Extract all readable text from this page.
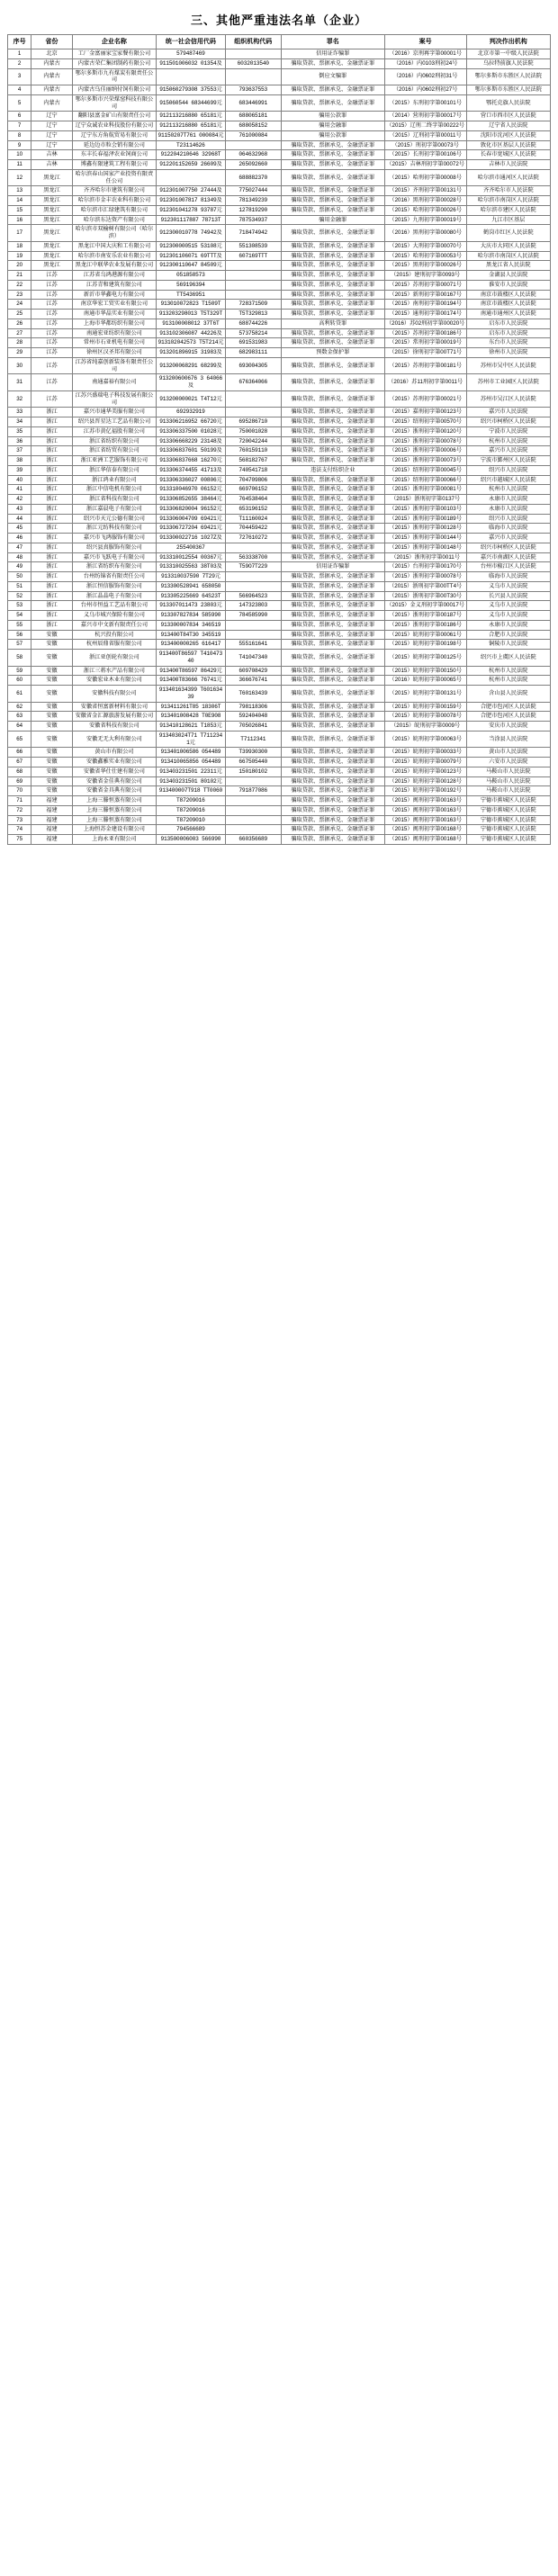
三、其他严重违法名单（企业）
序号	省份	企业名称	统一社会信用代码	组织机构代码	罪名	案号	判决作出机构
1	北京	工厂金富丽家宝家餐有限公司	579487469		信用证诈骗罪	（2016）京刑再字第00001号	北京市第一中级人民法院
2	内蒙古	内蒙古荣仁集团制药有限公司	911501006032 01354及	6032013540	骗取贷款、票据承兑、金融票证罪	（2016）内0103刑初24号	乌拉特前旗人民法院
3	内蒙古	鄂尔多斯市九有煤炭有限责任公司			倒应文骗罪	（2016）内0602刑初31号	鄂尔多斯市东胜区人民法院
4	内蒙古	内蒙古乌佳丽纳付饲有限公司	915060279308 37553元	793637553	骗取贷款、票据承兑、金融票证罪	（2016）内0602刑初27号	鄂尔多斯市东胜区人民法院
5	内蒙古	鄂尔多斯市兴荣煤窑科技有限公司	915060544 68344699元	683446991	骗取贷款、票据承兑、金融票证罪	（2015）东刑初字第00101号	鄂托克旗人民法院
6	辽宁	翻阳县富金矿山有限责任公司	912113216880 65181元	688065181	骗用公款罪	（2014）营刑初字第00017号	营口市西市区人民法院
7	辽宁	辽宁众诚农业科技股份有限公司	912113216880 65181元	688058152	骗用会融罪	（2015）辽刑二终字第00222号	辽宁省人民法院
8	辽宁	辽宁东方角航贸易有限公司	91150207T761 000084元	761000084	骗用公款罪	（2015）辽刑初字第00011号	沈阳市沈河区人民法院
9	辽宁	延边边市粒会销有限公司	T23114626		骗取贷款、票据承兑、金融票证罪	（2015）刑初字第00073号	敦化市区基层人民法院
10	吉林	东丰长春福泽农业饲商公司	912204210646 32968T	064632968	骗取贷款、票据承兑、金融票证罪	（2015）长刑初字第00106号	长春市宽城区人民法院
11	吉林	博鑫有限建筑工程有限公司	912201152659 26609及	265092660	骗取贷款、票据承兑、金融票证罪	（2015）吉林刑初字第00072号	吉林市人民法院
12	黑龙江	哈尔滨春山国家产业投资有限责任公司		688882370	骗取贷款、票据承兑、金融票证罪	（2015）哈刑初字第00008号	哈尔滨市通河区人民法院
13	黑龙江	齐齐哈尔市建筑有限公司	912301007750 27444及	775027444	骗取贷款、票据承兑、金融票证罪	（2015）齐刑初字第00131号	齐齐哈尔市人民法院
14	黑龙江	哈尔滨市金丰农业科有限公司	912301007817 81349及	781349239	骗取贷款、票据承兑、金融票证罪	（2016）黑刑初字第00028号	哈尔滨市南岗区人民法院
15	黑龙江	哈尔滨市汇绿建筑有限公司	912301041278 93787元	127819290	骗取贷款、票据承兑、金融票证罪	（2015）哈刑初字第00026号	哈尔滨市建区人民法院
16	黑龙江	哈尔滨东达资产有限公司	912301117887 78713T	787534937	骗用金融罪	（2015）九刑初字第00019号	九江市区基层
17	黑龙江	哈尔滨市双榆树有限公司（哈尔滨）	912300010778 74942及	718474942	骗取贷款、票据承兑、金融票证罪	（2016）黑刑初字第00080号	鹤岗市红区人民法院
18	黑龙江	黑龙江中国大庆和工有限公司	912300000515 53108元	551308539	骗取贷款、票据承兑、金融票证罪	（2015）大刑初字第00070号	大庆市大同区人民法院
19	黑龙江	哈尔滨市南安乐农业有限公司	912301106071 69TTT及	607169TTT	骗取贷款、票据承兑、金融票证罪	（2015）哈刑初字第00053号	哈尔滨市南岗区人民法院
20	黑龙江	黑龙江中联华农业发展有限公司	912300110647 84509元		骗取贷款、票据承兑、金融票证罪	（2015）黑刑初字第00026号	黑龙江省人民法院
21	江苏	江苏省乌鸿港源有限公司	051858573		骗取贷款、票据承兑、金融票证罪	（2015）建刑初字第0093号	金湖县人民法院
22	江苏	江苏青和建筑有限公司	569196394		骗取贷款、票据承兑、金融票证罪	（2015）苏刑初字第00071号	淮安市人民法院
23	江苏	新沂市华鑫电力有限公司	TT5436951		骗取贷款、票据承兑、金融票证罪	（2015）新刑初字第00167号	南京市鼓楼区人民法院
24	江苏	南京华宏工贸实业有限公司	913010072823 T1509T	728371509	骗取贷款、票据承兑、金融票证罪	（2015）南刑初字第00194号	南京市鼓楼区人民法院
25	江苏	南通市华晶实业有限公司	913203298013 T5T329T	T5T329813	骗取贷款、票据承兑、金融票证罪	（2015）通刑初字第00174号	南通市通州区人民法院
26	江苏	上海市华都纺织有限公司	913100008012 37T6T	688744226	高利转贷罪	（2016）苏02刑初字第00020号	启东市人民法院
27	江苏	南通宏亚纺织有限公司	913102306087 44226及	573758214	骗取贷款、票据承兑、金融票证罪	（2015）苏刑初字第00186号	启东市人民法院
28	江苏	常州市石亚机电有限公司	913102042573 T5T214元	691531983	骗取贷款、票据承兑、金融票证罪	（2015）常刑初字第00019号	东台市人民法院
29	江苏	徐州区汉圣邦有限公司	913201896915 31983及	682983111	预数金保护罪	（2015）徐刑初字第00T71号	徐州市人民法院
30	江苏	江苏省纯嘉创新装备有限责任公司	913200068291 68299及	693004305	骗取贷款、票据承兑、金融票证罪	（2015）苏刑初字第00181号	苏州市吴中区人民法院
31	江苏	南通嘉裕有限公司	913200600676 3 64066及	676364066	骗取贷款、票据承兑、金融票证罪	（2016）苏11刑初字第0011号	苏州市工业园区人民法院
32	江苏	江苏兴盛瑞电子科技发展有限公司	913200000021 T4T12元		骗取贷款、票据承兑、金融票证罪	（2015）苏刑初字第00021号	苏州市吴江区人民法院
33	浙江	嘉兴市通华美服有限公司	692932919		骗取贷款、票据承兑、金融票证罪	（2015）嘉刑初字第00123号	嘉兴市人民法院
34	浙江	绍兴县晋星达工艺品有限公司	913306216952 66720元	695286710	骗取贷款、票据承兑、金融票证罪	（2015）绍刑初字第00570号	绍兴市柯桥区人民法院
35	浙江	江苏市黄亿福股有限公司	913306337500 01028元	750001028	骗取贷款、票据承兑、金融票证罪	（2015）浙刑初字第00120号	宁波市人民法院
36	浙江	浙江省纺织有限公司	913306668229 23148及	720042244	骗取贷款、票据承兑、金融票证罪	（2015）浙刑初字第00078号	杭州市人民法院
37	浙江	浙江省纺贸有限公司	913306837601 50199及	760159110	骗取贷款、票据承兑、金融票证罪	（2015）浙刑初字第00006号	嘉兴市人民法院
38	浙江	浙江亚洲工艺服饰有限公司	913306837668 16270元	568182767	骗取贷款、票据承兑、金融票证罪	（2015）浙刑初字第00073号	宁波市鄞州区人民法院
39	浙江	浙江华信泰有限公司	913306374455 41713及	740541718	违法支付纺织企业	（2015）绍刑初字第00045号	绍兴市人民法院
40	浙江	浙江鸿业有限公司	913306336027 00806元	704709806	骗取贷款、票据承兑、金融票证罪	（2015）绍刑初字第00066号	绍兴市越城区人民法院
41	浙江	浙江中信电机有限公司	913310046970 06152元	669706152	骗取贷款、票据承兑、金融票证罪	（2015）浙刑初字第00081号	杭州市人民法院
42	浙江	浙江省科技有限公司	913306852655 38464元	764538464	骗取贷款、票据承兑、金融票证罪	（2015）浙刑初字第0137号	永康市人民法院
43	浙江	浙江嘉晨电子有限公司	913306820004 96152元	653196152	骗取贷款、票据承兑、金融票证罪	（2015）浙刑初字第00103号	永康市人民法院
44	浙江	绍兴市天元公德有限公司	913306004709 69421元	T11160024	骗取贷款、票据承兑、金融票证罪	（2015）浙刑初字第00189号	绍兴市人民法院
45	浙江	浙江元纺科技有限公司	913306727204 69421元	704459422	骗取贷款、票据承兑、金融票证罪	（2015）浙刑初字第00128号	临海市人民法院
46	浙江	嘉兴市飞鸿服饰有限公司	913300022716 1027Z及	727610272	骗取贷款、票据承兑、金融票证罪	（2015）浙刑初字第00144号	嘉兴市人民法院
47	浙江	绍兴县真服饰有限公司	255400367		骗取贷款、票据承兑、金融票证罪	（2015）浙刑初字第00148号	绍兴市柯桥区人民法院
48	浙江	嘉兴市飞跃电子有限公司	913310012554 00367元	563338700	骗取贷款、票据承兑、金融票证罪	（2015）浙刑初字第0011号	嘉兴市南湖区人民法院
49	浙江	浙江省纺织布有限公司	913310025563 38T03及	T59O7T229	信用证诈骗罪	（2015）台刑初字第00170号	台州市椒江区人民法院
50	浙江	台州纺锦省有限责任公司	913310037590 7T29元		骗取贷款、票据承兑、金融票证罪	（2015）浙刑初字第00078号	临海市人民法院
51	浙江	浙江恒信服饰有限公司	913300528941 658050		骗取贷款、票据承兑、金融票证罪	（2015）浙刑初字第00TT4号	义乌市人民法院
52	浙江	浙江晶晶电子有限公司	913305225669 64S23T	566964S23	骗取贷款、票据承兑、金融票证罪	（2015）浙刑初字第00T30号	长兴县人民法院
53	浙江	台州市恒益工艺品有限公司	913307011473 23803元	147323803	骗取贷款、票据承兑、金融票证罪	（2015）金义刑初字第00017号	义乌市人民法院
54	浙江	义乌市城兴保险有限公司	913307827834 585990	784585990	骗取贷款、票据承兑、金融票证罪	（2015）浙刑初字第00187号	义乌市人民法院
55	浙江	嘉兴市中文新有限责任公司	913300007834 346519		骗取贷款、票据承兑、金融票证罪	（2015）浙刑初字第00186号	永康市人民法院
56	安徽	杭兴投有限公司	913400T84T30 345519		骗取贷款、票据承兑、金融票证罪	（2015）皖刑初字第00061号	合肥市人民法院
57	安徽	杭州辰鼎省服有限公司	913400000265 616417	555161641	骗取贷款、票据承兑、金融票证罪	（2015）皖刑初字第00198号	铜陵市人民法院
58	安徽	浙江亚创轮有限公司	913400T86597 T41047340	T41047340	骗取贷款、票据承兑、金融票证罪	（2015）皖刑初字第00125号	绍兴市上虞区人民法院
59	安徽	浙江三蒋水产品有限公司	913400T86597 86429元	609708429	骗取贷款、票据承兑、金融票证罪	（2015）皖刑初字第00150号	杭州市人民法院
60	安徽	安徽宏业木业有限公司	913400T83666 76741元	366676741	骗取贷款、票据承兑、金融票证罪	（2016）皖刑初字第00065号	杭州市人民法院
61	安徽	安徽科技有限公司	913401634399 T60163439	T60163439	骗取贷款、票据承兑、金融票证罪	（2015）皖刑初字第00131号	含山县人民法院
62	安徽	安徽省恒富新材料有限公司	913411261T85 18306T	798118306	骗取贷款、票据承兑、金融票证罪	（2015）皖刑初字第00159号	合肥市包河区人民法院
63	安徽	安徽省金汇源旅游发展有限公司	913401008428 T0E908	592404048	骗取贷款、票据承兑、金融票证罪	（2015）皖刑初字第00078号	合肥市包河区人民法院
64	安徽	安徽省科技有限公司	913410128621 T1853元	705026841	骗取贷款、票据承兑、金融票证罪	（2015）皖刑初字第0009号	安庆市人民法院
65	安徽	安徽无无大利有限公司	913403024T71 T7112341元	T7112341	骗取贷款、票据承兑、金融票证罪	（2015）皖刑初字第00063号	当涂县人民法院
66	安徽	黄山市有限公司	913401006586 054489	T39930300	骗取贷款、票据承兑、金融票证罪	（2015）皖刑初字第00033号	黄山市人民法院
67	安徽	安徽鑫雅实业有限公司	913410065856 054489	667505440	骗取贷款、票据承兑、金融票证罪	（2015）皖刑初字第00079号	六安市人民法院
68	安徽	安徽省华仕仕建有限公司	913403231501 22311元	150180102	骗取贷款、票据承兑、金融票证罪	（2015）皖刑初字第00123号	马鞍山市人民法院
69	安徽	安徽省金佳典有限公司	913403231501 80102元		骗取贷款、票据承兑、金融票证罪	（2015）皖刑初字第00128号	马鞍山市人民法院
70	安徽	安徽省金具典有限公司	913400007T918 TT0060	791877086	骗取贷款、票据承兑、金融票证罪	（2015）皖刑初字第00192号	马鞍山市人民法院
71	福建	上海三滕恒蒸有限公司	T87209016		骗取贷款、票据承兑、金融票证罪	（2015）闽刑初字第00163号	宁德市蕉城区人民法院
72	福建	上海三滕恒蒸有限公司	T87209016		骗取贷款、票据承兑、金融票证罪	（2015）闽刑初字第00163号	宁德市蕉城区人民法院
73	福建	上海三滕恒蒸有限公司	T87209010		骗取贷款、票据承兑、金融票证罪	（2015）闽刑初字第00163号	宁德市蕉城区人民法院
74	福建	上海恒苏金建设有限公司	794566689		骗取贷款、票据承兑、金融票证罪	（2015）闽刑初字第00168号	宁德市蕉城区人民法院
75	福建	上海永亚有限公司	913500006003 566990	660356689	骗取贷款、票据承兑、金融票证罪	（2015）闽刑初字第00168号	宁德市蕉城区人民法院
